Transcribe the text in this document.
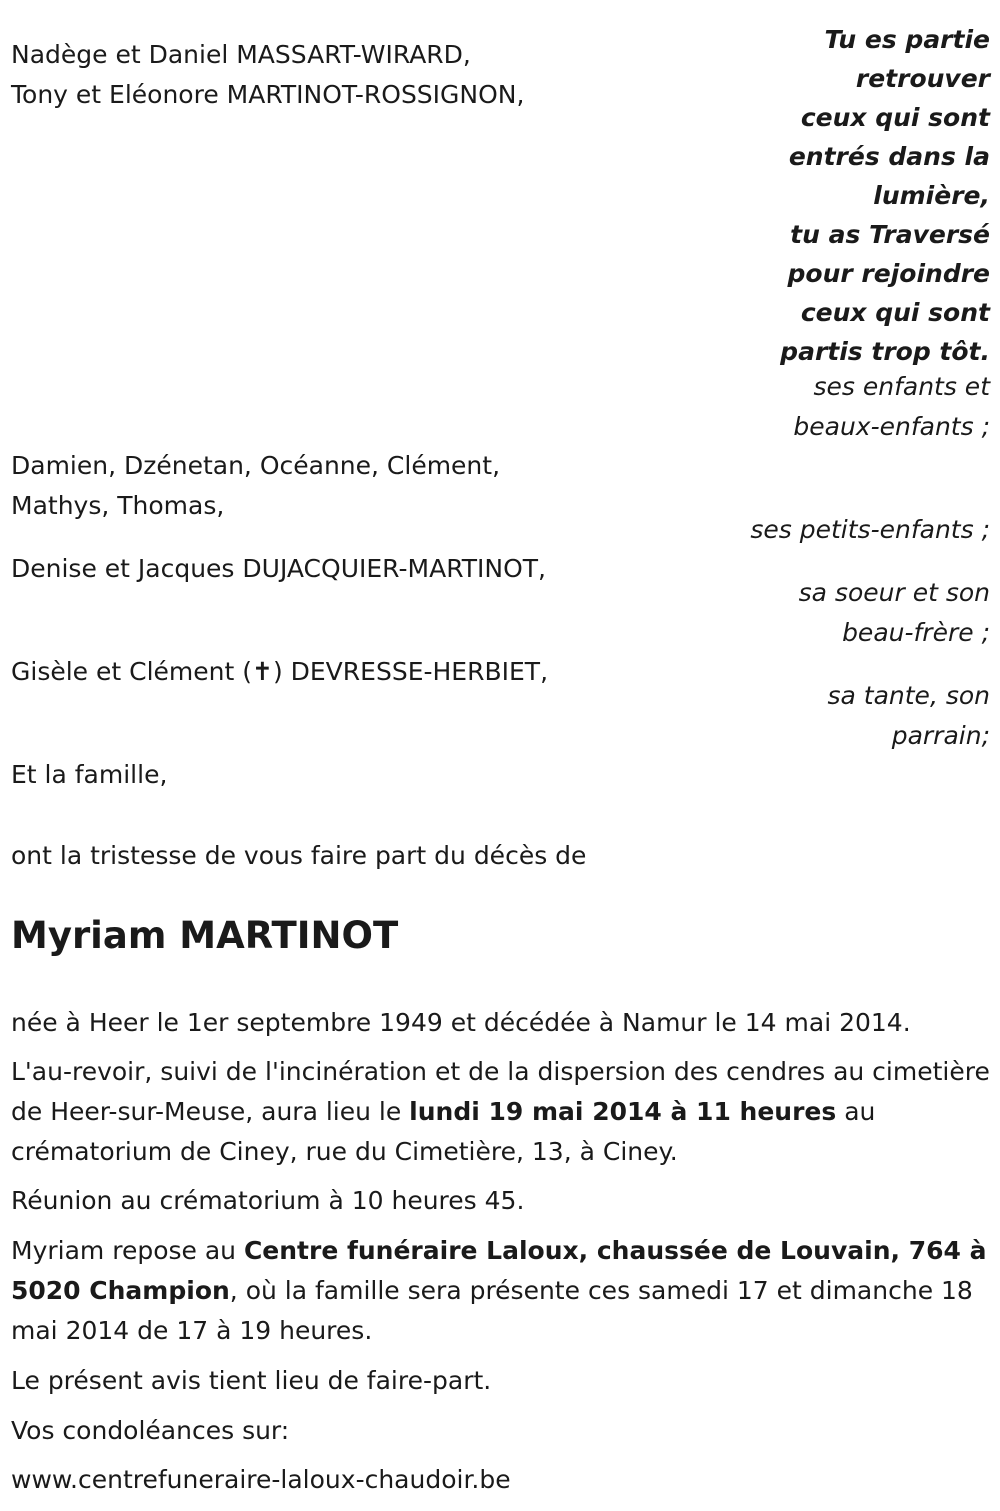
Nadège et Daniel MASSART-WIRARD,

Tony et Eléonore MARTINOT-ROSSIGNON,

Tu es partie
retrouver
ceux qui sont
entrés dans la
lumière,
tu as Traversé
pour rejoindre
ceux qui sont
partis trop tôt.
ses enfants et
beaux-enfants ;

Damien, Dzénetan, Océanne, Clément,

Mathys, Thomas,

ses petits-enfants ;

Denise et Jacques DUJACQUIER-MARTINOT,

sa soeur et son
beau-frère ;

Gisèle et Clément (✝) DEVRESSE-HERBIET,

sa tante, son
parrain;

Et la famille,

ont la tristesse de vous faire part du décès de

Myriam MARTINOT

née à Heer le 1er septembre 1949 et décédée à Namur le 14 mai 2014.

L'au-revoir, suivi de l'incinération et de la dispersion des cendres au cimetière de Heer-sur-Meuse, aura lieu le lundi 19 mai 2014 à 11 heures au crématorium de Ciney, rue du Cimetière, 13, à Ciney.

Réunion au crématorium à 10 heures 45.

Myriam repose au Centre funéraire Laloux, chaussée de Louvain, 764 à 5020 Champion, où la famille sera présente ces samedi 17 et dimanche 18 mai 2014 de 17 à 19 heures.

Le présent avis tient lieu de faire-part.

Vos condoléances sur:

www.centrefuneraire-laloux-chaudoir.be
